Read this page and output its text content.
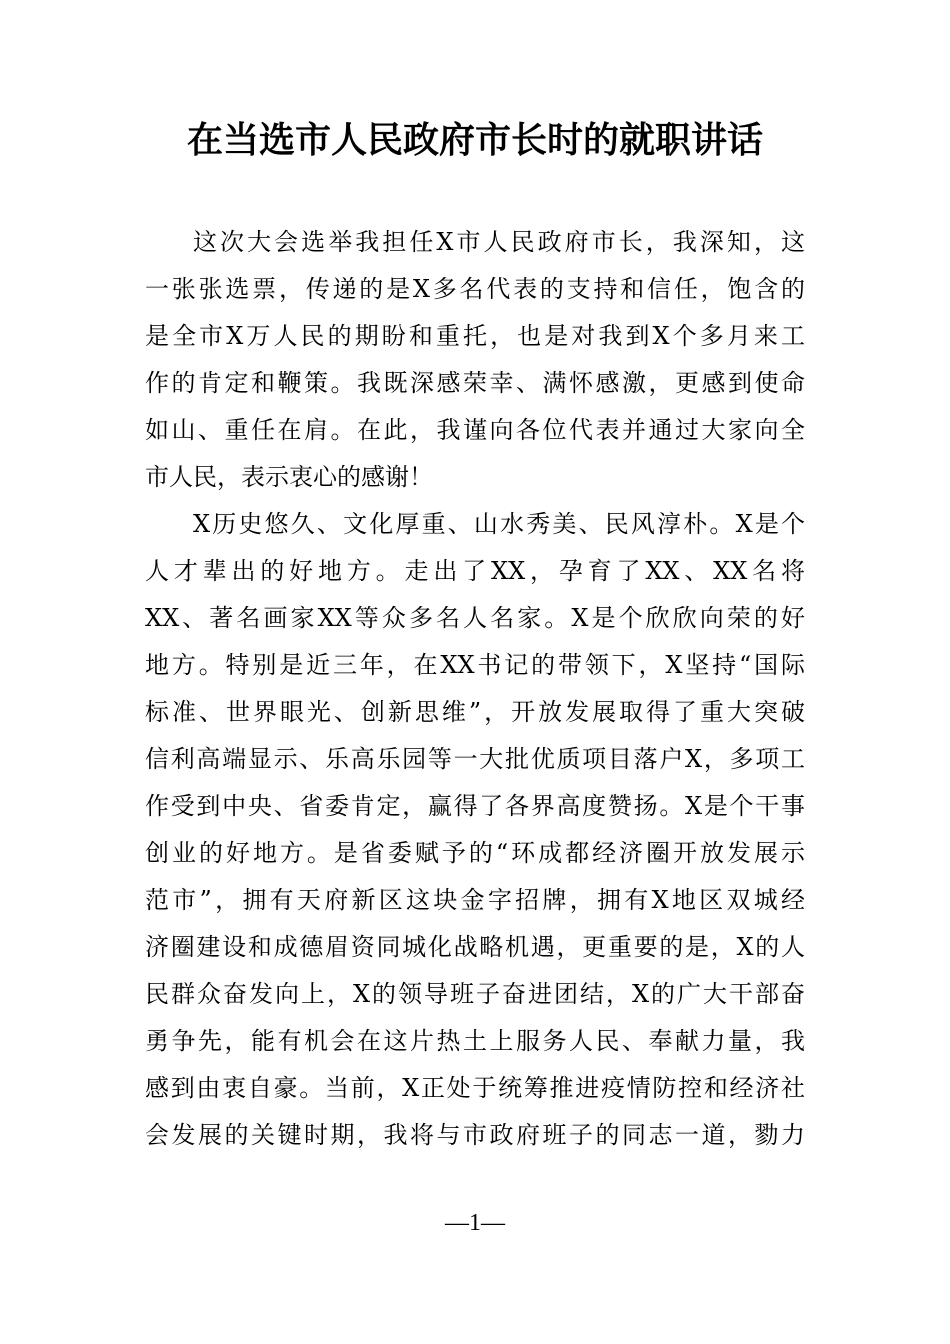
在当选市人民政府市长时的就职讲话
这次大会选举我担任X市人民政府市长，我深知，这
一张张选票，传递的是X多名代表的支持和信任，饱含的
是全市X万人民的期盼和重托，也是对我到X个多月来工
作的肯定和鞭策。我既深感荣幸、满怀感激，更感到使命
如山、重任在肩。在此，我谨向各位代表并通过大家向全
市人民，表示衷心的感谢！
X历史悠久、文化厚重、山水秀美、民风淳朴。X是个
人才辈出的好地方。走出了XX，孕育了XX、XX名将
XX、著名画家XX等众多名人名家。X是个欣欣向荣的好
地方。特别是近三年，在XX书记的带领下，X坚持“国际
标准、世界眼光、创新思维”，开放发展取得了重大突破
信利高端显示、乐高乐园等一大批优质项目落户X，多项工
作受到中央、省委肯定，赢得了各界高度赞扬。X是个干事
创业的好地方。是省委赋予的“环成都经济圈开放发展示
范市”，拥有天府新区这块金字招牌，拥有X地区双城经
济圈建设和成德眉资同城化战略机遇，更重要的是，X的人
民群众奋发向上，X的领导班子奋进团结，X的广大干部奋
勇争先，能有机会在这片热土上服务人民、奉献力量，我
感到由衷自豪。当前，X正处于统筹推进疫情防控和经济社
会发展的关键时期，我将与市政府班子的同志一道，勠力
—1—
